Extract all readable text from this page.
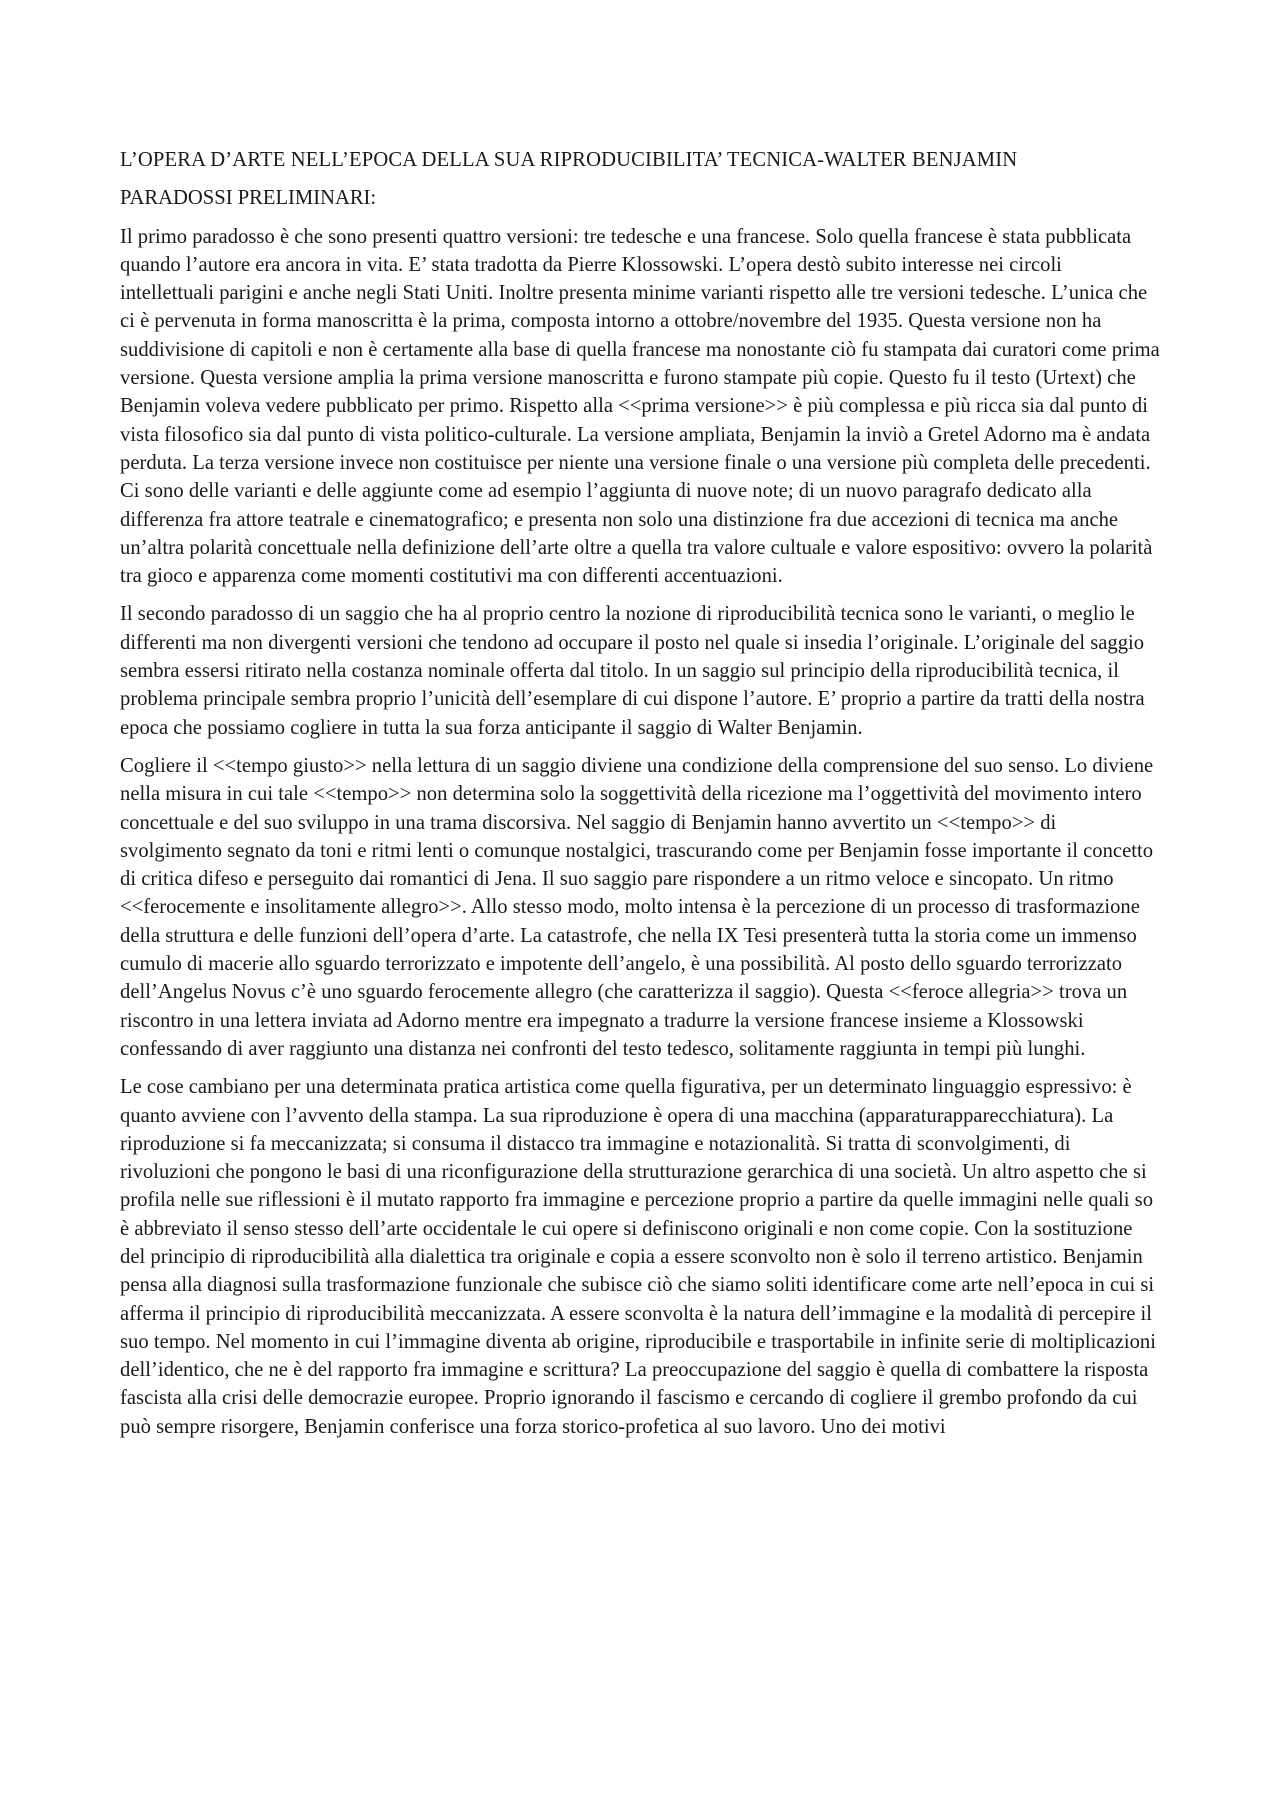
L’OPERA D’ARTE NELL’EPOCA DELLA SUA RIPRODUCIBILITA’ TECNICA-WALTER BENJAMIN
PARADOSSI PRELIMINARI:

Il primo paradosso è che sono presenti quattro versioni: tre tedesche e una francese. Solo quella francese è stata pubblicata quando l’autore era ancora in vita. E’ stata tradotta da Pierre Klossowski. L’opera destò subito interesse nei circoli intellettuali parigini e anche negli Stati Uniti. Inoltre presenta minime varianti rispetto alle tre versioni tedesche. L’unica che ci è pervenuta in forma manoscritta è la prima, composta intorno a ottobre/novembre del 1935. Questa versione non ha suddivisione di capitoli e non è certamente alla base di quella francese ma nonostante ciò fu stampata dai curatori come prima versione. Questa versione amplia la prima versione manoscritta e furono stampate più copie. Questo fu il testo (Urtext) che Benjamin voleva vedere pubblicato per primo. Rispetto alla <<prima versione>> è più complessa e più ricca sia dal punto di vista filosofico sia dal punto di vista politico-culturale. La versione ampliata, Benjamin la inviò a Gretel Adorno ma è andata perduta. La terza versione invece non costituisce per niente una versione finale o una versione più completa delle precedenti. Ci sono delle varianti e delle aggiunte come ad esempio l’aggiunta di nuove note; di un nuovo paragrafo dedicato alla differenza fra attore teatrale e cinematografico; e presenta non solo una distinzione fra due accezioni di tecnica ma anche un’altra polarità concettuale nella definizione dell’arte oltre a quella tra valore cultuale e valore espositivo: ovvero la polarità tra gioco e apparenza come momenti costitutivi ma con differenti accentuazioni.

Il secondo paradosso di un saggio che ha al proprio centro la nozione di riproducibilità tecnica sono le varianti, o meglio le differenti ma non divergenti versioni che tendono ad occupare il posto nel quale si insedia l’originale. L’originale del saggio sembra essersi ritirato nella costanza nominale offerta dal titolo. In un saggio sul principio della riproducibilità tecnica, il problema principale sembra proprio l’unicità dell’esemplare di cui dispone l’autore. E’ proprio a partire da tratti della nostra epoca che possiamo cogliere in tutta la sua forza anticipante il saggio di Walter Benjamin.

Cogliere il <<tempo giusto>> nella lettura di un saggio diviene una condizione della comprensione del suo senso. Lo diviene nella misura in cui tale <<tempo>> non determina solo la soggettività della ricezione ma l’oggettività del movimento intero concettuale e del suo sviluppo in una trama discorsiva. Nel saggio di Benjamin hanno avvertito un <<tempo>> di svolgimento segnato da toni e ritmi lenti o comunque nostalgici, trascurando come per Benjamin fosse importante il concetto di critica difeso e perseguito dai romantici di Jena. Il suo saggio pare rispondere a un ritmo veloce e sincopato. Un ritmo <<ferocemente e insolitamente allegro>>. Allo stesso modo, molto intensa è la percezione di un processo di trasformazione della struttura e delle funzioni dell’opera d’arte. La catastrofe, che nella IX Tesi presenterà tutta la storia come un immenso cumulo di macerie allo sguardo terrorizzato e impotente dell’angelo, è una possibilità. Al posto dello sguardo terrorizzato dell’Angelus Novus c’è uno sguardo ferocemente allegro (che caratterizza il saggio). Questa <<feroce allegria>> trova un riscontro in una lettera inviata ad Adorno mentre era impegnato a tradurre la versione francese insieme a Klossowski confessando di aver raggiunto una distanza nei confronti del testo tedesco, solitamente raggiunta in tempi più lunghi.

Le cose cambiano per una determinata pratica artistica come quella figurativa, per un determinato linguaggio espressivo: è quanto avviene con l’avvento della stampa. La sua riproduzione è opera di una macchina (apparaturapparecchiatura). La riproduzione si fa meccanizzata; si consuma il distacco tra immagine e notazionalità. Si tratta di sconvolgimenti, di rivoluzioni che pongono le basi di una riconfigurazione della strutturazione gerarchica di una società. Un altro aspetto che si profila nelle sue riflessioni è il mutato rapporto fra immagine e percezione proprio a partire da quelle immagini nelle quali so è abbreviato il senso stesso dell’arte occidentale le cui opere si definiscono originali e non come copie. Con la sostituzione del principio di riproducibilità alla dialettica tra originale e copia a essere sconvolto non è solo il terreno artistico. Benjamin pensa alla diagnosi sulla trasformazione funzionale che subisce ciò che siamo soliti identificare come arte nell’epoca in cui si afferma il principio di riproducibilità meccanizzata. A essere sconvolta è la natura dell’immagine e la modalità di percepire il suo tempo. Nel momento in cui l’immagine diventa ab origine, riproducibile e trasportabile in infinite serie di moltiplicazioni dell’identico, che ne è del rapporto fra immagine e scrittura? La preoccupazione del saggio è quella di combattere la risposta fascista alla crisi delle democrazie europee. Proprio ignorando il fascismo e cercando di cogliere il grembo profondo da cui può sempre risorgere, Benjamin conferisce una forza storico-profetica al suo lavoro. Uno dei motivi
